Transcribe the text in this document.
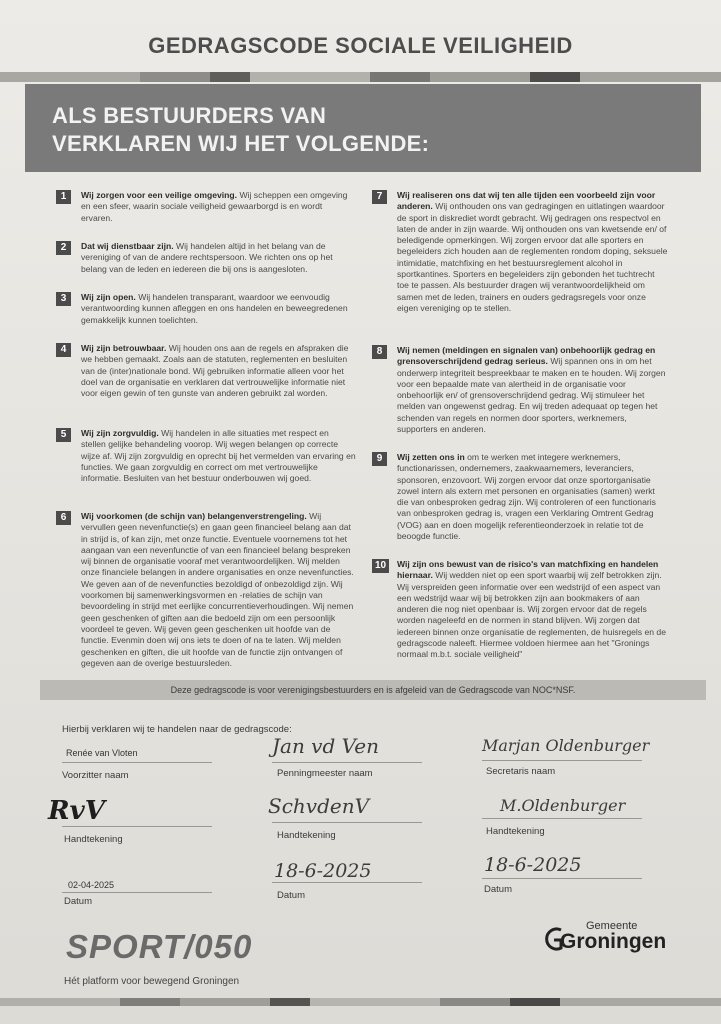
GEDRAGSCODE SOCIALE VEILIGHEID
ALS BESTUURDERS VAN
VERKLAREN WIJ HET VOLGENDE:
1	Wij zorgen voor een veilige omgeving. Wij scheppen een omgeving en een sfeer, waarin sociale veiligheid gewaarborgd is en wordt ervaren.
2	Dat wij dienstbaar zijn. Wij handelen altijd in het belang van de vereniging of van de andere rechtspersoon. We richten ons op het belang van de leden en iedereen die bij ons is aangesloten.
3	Wij zijn open. Wij handelen transparant, waardoor we eenvoudig verantwoording kunnen afleggen en ons handelen en beweegredenen gemakkelijk kunnen toelichten.
4	Wij zijn betrouwbaar. Wij houden ons aan de regels en afspraken die we hebben gemaakt. Zoals aan de statuten, reglementen en besluiten van de (inter)nationale bond. Wij gebruiken informatie alleen voor het doel van de organisatie en verklaren dat vertrouwelijke informatie niet voor eigen gewin of ten gunste van anderen gebruikt zal worden.
5	Wij zijn zorgvuldig. Wij handelen in alle situaties met respect en stellen gelijke behandeling voorop. Wij wegen belangen op correcte wijze af. Wij zijn zorgvuldig en oprecht bij het vermelden van ervaring en functies. We gaan zorgvuldig en correct om met vertrouwelijke informatie. Besluiten van het bestuur onderbouwen wij goed.
6	Wij voorkomen (de schijn van) belangenverstrengeling. Wij vervullen geen nevenfunctie(s) en gaan geen financieel belang aan dat in strijd is, of kan zijn, met onze functie. Eventuele voornemens tot het aangaan van een nevenfunctie of van een financieel belang bespreken wij binnen de organisatie vooraf met verantwoordelijken. Wij melden onze financiele belangen in andere organisaties en onze nevenfuncties. We geven aan of de nevenfuncties bezoldigd of onbezoldigd zijn. Wij voorkomen bij samenwerkingsvormen en -relaties de schijn van bevoordeling in strijd met eerlijke concurrentieverhoudingen. Wij nemen geen geschenken of giften aan die bedoeld zijn om een persoonlijk voordeel te geven. Wij geven geen geschenken uit hoofde van de functie. Evenmin doen wij ons iets te doen of na te laten. Wij melden geschenken en giften, die uit hoofde van de functie zijn ontvangen of gegeven aan de overige bestuursleden.
7	Wij realiseren ons dat wij ten alle tijden een voorbeeld zijn voor anderen. Wij onthouden ons van gedragingen en uitlatingen waardoor de sport in diskrediet wordt gebracht. Wij gedragen ons respectvol en laten de ander in zijn waarde. Wij onthouden ons van kwetsende en/ of beledigende opmerkingen. Wij zorgen ervoor dat alle sporters en begeleiders zich houden aan de reglementen rondom doping, seksuele intimidatie, matchfixing en het bestuursreglement alcohol in sportkantines. Sporters en begeleiders zijn gebonden het tuchtrecht toe te passen. Als bestuurder dragen wij verantwoordelijkheid om samen met de leden, trainers en ouders gedragsregels voor onze eigen vereniging op te stellen.
8	Wij nemen (meldingen en signalen van) onbehoorlijk gedrag en grensoverschrijdend gedrag serieus. Wij spannen ons in om het onderwerp integriteit bespreekbaar te maken en te houden. Wij zorgen voor een bepaalde mate van alertheid in de organisatie voor onbehoorlijk en/ of grensoverschrijdend gedrag. Wij stimuleer het melden van ongewenst gedrag. En wij treden adequaat op tegen het schenden van regels en normen door sporters, werknemers, supporters en anderen.
9	Wij zetten ons in om te werken met integere werknemers, functionarissen, ondernemers, zaakwaarnemers, leveranciers, sponsoren, enzovoort. Wij zorgen ervoor dat onze sportorganisatie zowel intern als extern met personen en organisaties (samen) werkt die van onbesproken gedrag zijn. Wij controleren of een functionaris van onbesproken gedrag is, vragen een Verklaring Omtrent Gedrag (VOG) aan en doen mogelijk referentieonderzoek in relatie tot de beoogde functie.
10	Wij zijn ons bewust van de risico's van matchfixing en handelen hiernaar. Wij wedden niet op een sport waarbij wij zelf betrokken zijn. Wij verspreiden geen informatie over een wedstrijd of een aspect van een wedstrijd waar wij bij betrokken zijn aan bookmakers of aan anderen die nog niet openbaar is. Wij zorgen ervoor dat de regels worden nageleefd en de normen in stand blijven. Wij zorgen dat iedereen binnen onze organisatie de reglementen, de huisregels en de gedragscode naleeft. Hiermee voldoen hiermee aan het "Gronings normaal m.b.t. sociale veiligheid"
Deze gedragscode is voor verenigingsbestuurders en is afgeleid van de Gedragscode van NOC*NSF.
Hierbij verklaren wij te handelen naar de gedragscode:
Renée van Vloten
Voorzitter naam
Jan vd Ven
Penningmeester naam
Marjan Oldenburger
Secretaris naam
RvV
Handtekening
SchvdenV
Handtekening
M.Oldenburger
Handtekening
02-04-2025
Datum
18-6-2025
Datum
18-6-2025
Datum
SPORT/050
Hét platform voor bewegend Groningen
Gemeente
Groningen
